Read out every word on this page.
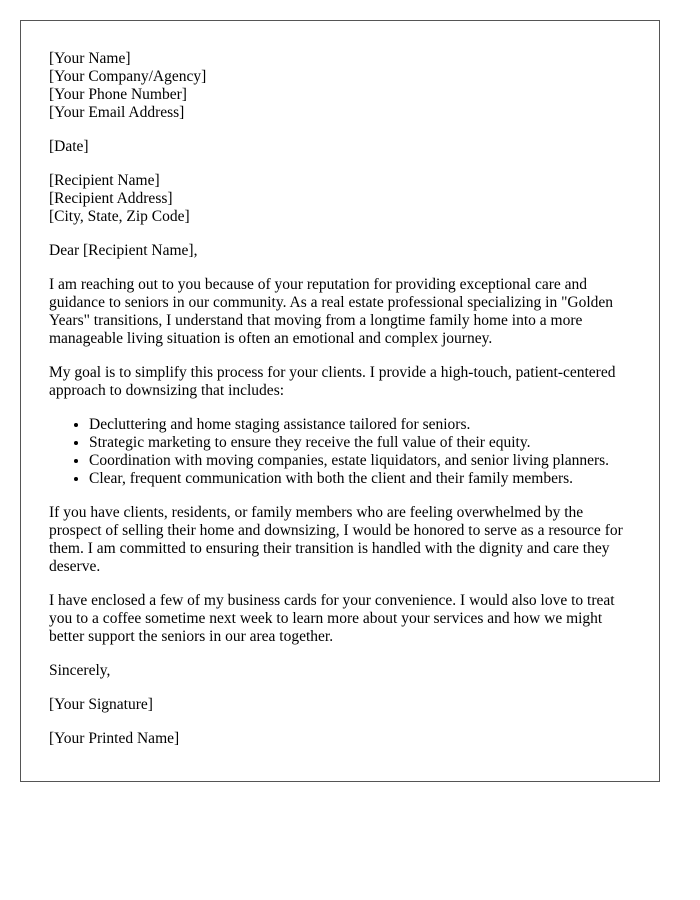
[Your Name]
[Your Company/Agency]
[Your Phone Number]
[Your Email Address]
[Date]
[Recipient Name]
[Recipient Address]
[City, State, Zip Code]

Dear [Recipient Name],

I am reaching out to you because of your reputation for providing exceptional care and guidance to seniors in our community. As a real estate professional specializing in "Golden Years" transitions, I understand that moving from a longtime family home into a more manageable living situation is often an emotional and complex journey.

My goal is to simplify this process for your clients. I provide a high-touch, patient-centered approach to downsizing that includes:

• Decluttering and home staging assistance tailored for seniors.
• Strategic marketing to ensure they receive the full value of their equity.
• Coordination with moving companies, estate liquidators, and senior living planners.
• Clear, frequent communication with both the client and their family members.

If you have clients, residents, or family members who are feeling overwhelmed by the prospect of selling their home and downsizing, I would be honored to serve as a resource for them. I am committed to ensuring their transition is handled with the dignity and care they deserve.

I have enclosed a few of my business cards for your convenience. I would also love to treat you to a coffee sometime next week to learn more about your services and how we might better support the seniors in our area together.

Sincerely,

[Your Signature]

[Your Printed Name]
